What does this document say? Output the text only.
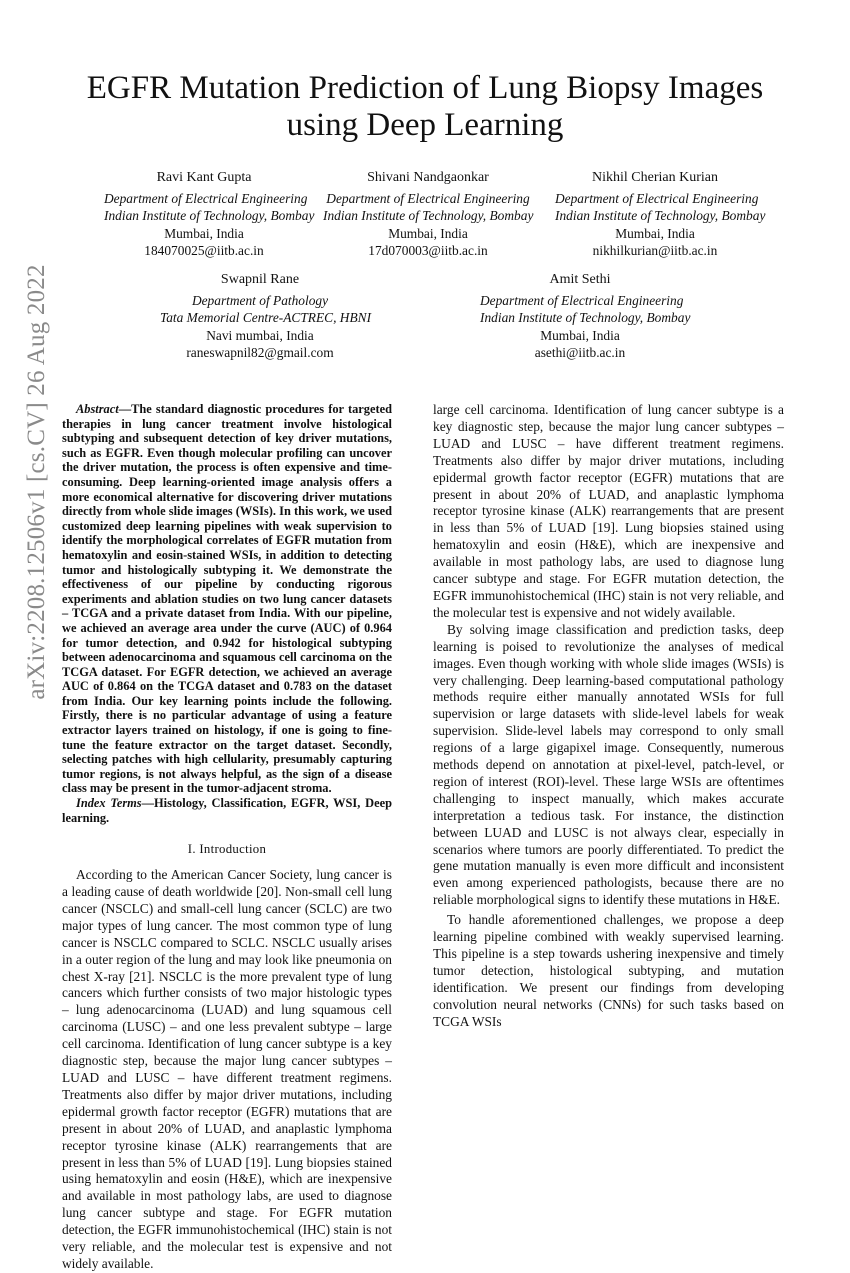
arXiv:2208.12506v1 [cs.CV] 26 Aug 2022
EGFR Mutation Prediction of Lung Biopsy Images using Deep Learning
Ravi Kant Gupta
Department of Electrical Engineering
Indian Institute of Technology, Bombay
Mumbai, India
184070025@iitb.ac.in
Shivani Nandgaonkar
Department of Electrical Engineering
Indian Institute of Technology, Bombay
Mumbai, India
17d070003@iitb.ac.in
Nikhil Cherian Kurian
Department of Electrical Engineering
Indian Institute of Technology, Bombay
Mumbai, India
nikhilkurian@iitb.ac.in
Swapnil Rane
Department of Pathology
Tata Memorial Centre-ACTREC, HBNI
Navi mumbai, India
raneswapnil82@gmail.com
Amit Sethi
Department of Electrical Engineering
Indian Institute of Technology, Bombay
Mumbai, India
asethi@iitb.ac.in

Abstract—The standard diagnostic procedures for targeted therapies in lung cancer treatment involve histological subtyping and subsequent detection of key driver mutations, such as EGFR. Even though molecular profiling can uncover the driver mutation, the process is often expensive and time-consuming. Deep learning-oriented image analysis offers a more economical alternative for discovering driver mutations directly from whole slide images (WSIs). In this work, we used customized deep learning pipelines with weak supervision to identify the morphological correlates of EGFR mutation from hematoxylin and eosin-stained WSIs, in addition to detecting tumor and histologically subtyping it. We demonstrate the effectiveness of our pipeline by conducting rigorous experiments and ablation studies on two lung cancer datasets – TCGA and a private dataset from India. With our pipeline, we achieved an average area under the curve (AUC) of 0.964 for tumor detection, and 0.942 for histological subtyping between adenocarcinoma and squamous cell carcinoma on the TCGA dataset. For EGFR detection, we achieved an average AUC of 0.864 on the TCGA dataset and 0.783 on the dataset from India. Our key learning points include the following. Firstly, there is no particular advantage of using a feature extractor layers trained on histology, if one is going to fine-tune the feature extractor on the target dataset. Secondly, selecting patches with high cellularity, presumably capturing tumor regions, is not always helpful, as the sign of a disease class may be present in the tumor-adjacent stroma.

Index Terms—Histology, Classification, EGFR, WSI, Deep learning.

I. Introduction

According to the American Cancer Society, lung cancer is a leading cause of death worldwide [20]. Non-small cell lung cancer (NSCLC) and small-cell lung cancer (SCLC) are two major types of lung cancer. The most common type of lung cancer is NSCLC compared to SCLC. NSCLC usually arises in a outer region of the lung and may look like pneumonia on chest X-ray [21]. NSCLC is the more prevalent type of lung cancers which further consists of two major histologic types – lung adenocarcinoma (LUAD) and lung squamous cell carcinoma (LUSC) – and one less prevalent subtype – large cell carcinoma. Identification of lung cancer subtype is a key diagnostic step, because the major lung cancer subtypes – LUAD and LUSC – have different treatment regimens. Treatments also differ by major driver mutations, including epidermal growth factor receptor (EGFR) mutations that are present in about 20% of LUAD, and anaplastic lymphoma receptor tyrosine kinase (ALK) rearrangements that are present in less than 5% of LUAD [19]. Lung biopsies stained using hematoxylin and eosin (H&E), which are inexpensive and available in most pathology labs, are used to diagnose lung cancer subtype and stage. For EGFR mutation detection, the EGFR immunohistochemical (IHC) stain is not very reliable, and the molecular test is expensive and not widely available.

large cell carcinoma. Identification of lung cancer subtype is a key diagnostic step, because the major lung cancer subtypes – LUAD and LUSC – have different treatment regimens. Treatments also differ by major driver mutations, including epidermal growth factor receptor (EGFR) mutations that are present in about 20% of LUAD, and anaplastic lymphoma receptor tyrosine kinase (ALK) rearrangements that are present in less than 5% of LUAD [19]. Lung biopsies stained using hematoxylin and eosin (H&E), which are inexpensive and available in most pathology labs, are used to diagnose lung cancer subtype and stage. For EGFR mutation detection, the EGFR immunohistochemical (IHC) stain is not very reliable, and the molecular test is expensive and not widely available.

By solving image classification and prediction tasks, deep learning is poised to revolutionize the analyses of medical images. Even though working with whole slide images (WSIs) is very challenging. Deep learning-based computational pathology methods require either manually annotated WSIs for full supervision or large datasets with slide-level labels for weak supervision. Slide-level labels may correspond to only small regions of a large gigapixel image. Consequently, numerous methods depend on annotation at pixel-level, patch-level, or region of interest (ROI)-level. These large WSIs are oftentimes challenging to inspect manually, which makes accurate interpretation a tedious task. For instance, the distinction between LUAD and LUSC is not always clear, especially in scenarios where tumors are poorly differentiated. To predict the gene mutation manually is even more difficult and inconsistent even among experienced pathologists, because there are no reliable morphological signs to identify these mutations in H&E.

To handle aforementioned challenges, we propose a deep learning pipeline combined with weakly supervised learning. This pipeline is a step towards ushering inexpensive and timely tumor detection, histological subtyping, and mutation identification. We present our findings from developing convolution neural networks (CNNs) for such tasks based on TCGA WSIs
